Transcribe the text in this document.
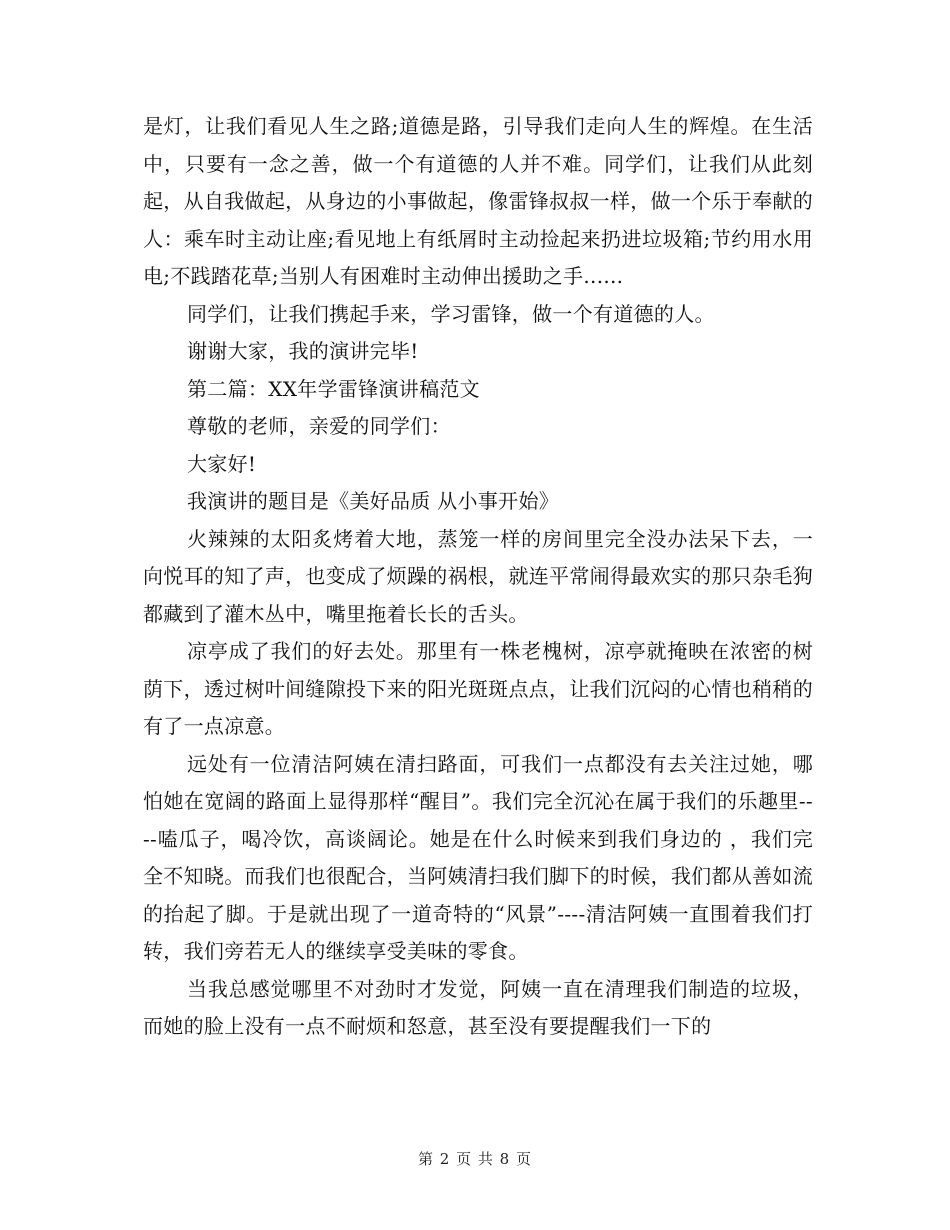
是灯，让我们看见人生之路;道德是路，引导我们走向人生的辉煌。在生活中，只要有一念之善，做一个有道德的人并不难。同学们，让我们从此刻起，从自我做起，从身边的小事做起，像雷锋叔叔一样，做一个乐于奉献的人：乘车时主动让座;看见地上有纸屑时主动捡起来扔进垃圾箱;节约用水用电;不践踏花草;当别人有困难时主动伸出援助之手......

同学们，让我们携起手来，学习雷锋，做一个有道德的人。

谢谢大家，我的演讲完毕!

第二篇：XX年学雷锋演讲稿范文

尊敬的老师，亲爱的同学们：

大家好!

我演讲的题目是《美好品质 从小事开始》

火辣辣的太阳炙烤着大地，蒸笼一样的房间里完全没办法呆下去，一向悦耳的知了声，也变成了烦躁的祸根，就连平常闹得最欢实的那只杂毛狗都藏到了灌木丛中，嘴里拖着长长的舌头。

凉亭成了我们的好去处。那里有一株老槐树，凉亭就掩映在浓密的树荫下，透过树叶间缝隙投下来的阳光斑斑点点，让我们沉闷的心情也稍稍的有了一点凉意。

远处有一位清洁阿姨在清扫路面，可我们一点都没有去关注过她，哪怕她在宽阔的路面上显得那样“醒目”。我们完全沉沁在属于我们的乐趣里----嗑瓜子，喝冷饮，高谈阔论。她是在什么时候来到我们身边的 ，我们完全不知晓。而我们也很配合，当阿姨清扫我们脚下的时候，我们都从善如流的抬起了脚。于是就出现了一道奇特的“风景”----清洁阿姨一直围着我们打转，我们旁若无人的继续享受美味的零食。

当我总感觉哪里不对劲时才发觉，阿姨一直在清理我们制造的垃圾，而她的脸上没有一点不耐烦和怒意，甚至没有要提醒我们一下的

第 2 页 共 8 页
